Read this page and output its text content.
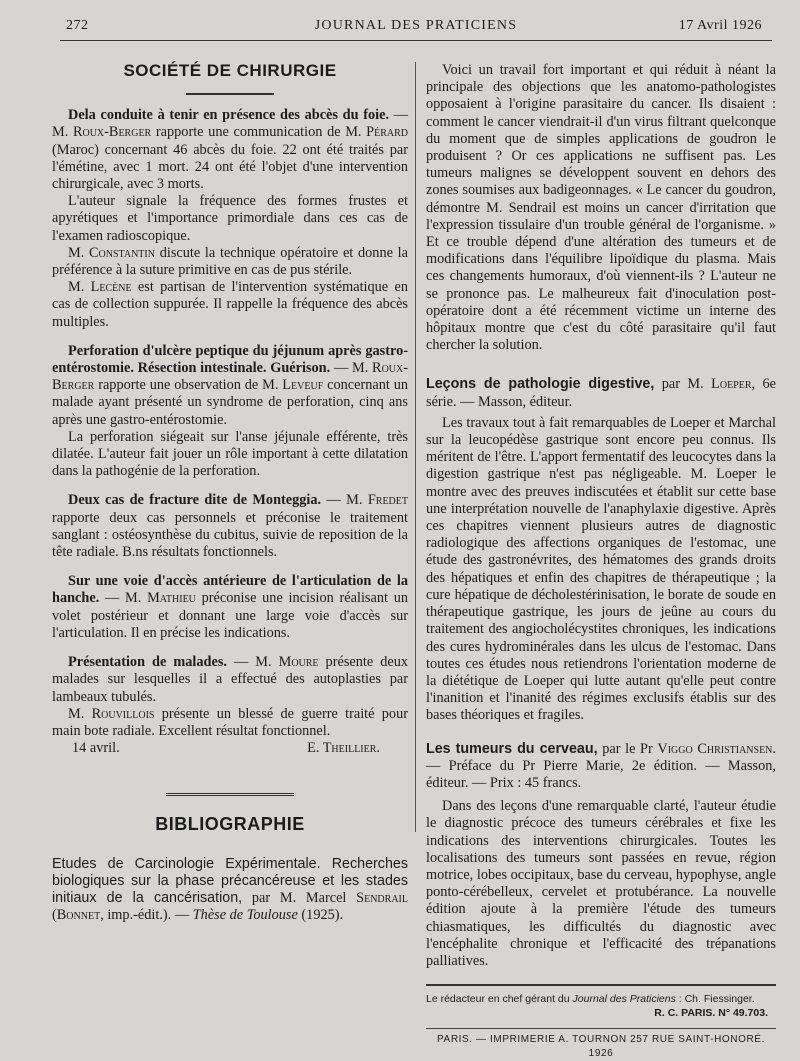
272	JOURNAL DES PRATICIENS	17 Avril 1926
SOCIÉTÉ DE CHIRURGIE

Dela conduite à tenir en présence des abcès du foie. — M. Roux-Berger rapporte une communication de M. Pérard (Maroc) concernant 46 abcès du foie. 22 ont été traités par l'émétine, avec 1 mort. 24 ont été l'objet d'une intervention chirurgicale, avec 3 morts.

L'auteur signale la fréquence des formes frustes et apyrétiques et l'importance primordiale dans ces cas de l'examen radioscopique.

M. Constantin discute la technique opératoire et donne la préférence à la suture primitive en cas de pus stérile.

M. Lecène est partisan de l'intervention systématique en cas de collection suppurée. Il rappelle la fréquence des abcès multiples.

Perforation d'ulcère peptique du jéjunum après gastro-entérostomie. Résection intestinale. Guérison. — M. Roux-Berger rapporte une observation de M. Leveuf concernant un malade ayant présenté un syndrome de perforation, cinq ans après une gastro-entérostomie.

La perforation siégeait sur l'anse jéjunale efférente, très dilatée. L'auteur fait jouer un rôle important à cette dilatation dans la pathogénie de la perforation.

Deux cas de fracture dite de Monteggia. — M. Fredet rapporte deux cas personnels et préconise le traitement sanglant : ostéosynthèse du cubitus, suivie de reposition de la tête radiale. B.ns résultats fonctionnels.

Sur une voie d'accès antérieure de l'articulation de la hanche. — M. Mathieu préconise une incision réalisant un volet postérieur et donnant une large voie d'accès sur l'articulation. Il en précise les indications.

Présentation de malades. — M. Moure présente deux malades sur lesquelles il a effectué des autoplasties par lambeaux tubulés.

M. Rouvillois présente un blessé de guerre traité pour main bote radiale. Excellent résultat fonctionnel.

14 avril.	E. Theillier.
BIBLIOGRAPHIE

Etudes de Carcinologie Expérimentale. Recherches biologiques sur la phase précancéreuse et les stades initiaux de la cancérisation, par M. Marcel Sendrail (Bonnet, imp.-édit.). — Thèse de Toulouse (1925).

Voici un travail fort important et qui réduit à néant la principale des objections que les anatomo-pathologistes opposaient à l'origine parasitaire du cancer. Ils disaient : comment le cancer viendrait-il d'un virus filtrant quelconque du moment que de simples applications de goudron le produisent ? Or ces applications ne suffisent pas. Les tumeurs malignes se développent souvent en dehors des zones soumises aux badigeonnages. « Le cancer du goudron, démontre M. Sendrail est moins un cancer d'irritation que l'expression tissulaire d'un trouble général de l'organisme. » Et ce trouble dépend d'une altération des tumeurs et de modifications dans l'équilibre lipoïdique du plasma. Mais ces changements humoraux, d'où viennent-ils ? L'auteur ne se prononce pas. Le malheureux fait d'inoculation post-opératoire dont a été récemment victime un interne des hôpitaux montre que c'est du côté parasitaire qu'il faut chercher la solution.

Leçons de pathologie digestive, par M. Loeper, 6e série. — Masson, éditeur.

Les travaux tout à fait remarquables de Loeper et Marchal sur la leucopédèse gastrique sont encore peu connus. Ils méritent de l'être. L'apport fermentatif des leucocytes dans la digestion gastrique n'est pas négligeable. M. Loeper le montre avec des preuves indiscutées et établit sur cette base une interprétation nouvelle de l'anaphylaxie digestive. Après ces chapitres viennent plusieurs autres de diagnostic radiologique des affections organiques de l'estomac, une étude des gastronévrites, des hématomes des grands droits des hépatiques et enfin des chapitres de thérapeutique ; la cure hépatique de décholestérinisation, le borate de soude en thérapeutique gastrique, les jours de jeûne au cours du traitement des angiocholécystites chroniques, les indications des cures hydrominérales dans les ulcus de l'estomac. Dans toutes ces études nous retiendrons l'orientation moderne de la diététique de Loeper qui lutte autant qu'elle peut contre l'inanition et l'inanité des régimes exclusifs établis sur des bases théoriques et fragiles.

Les tumeurs du cerveau, par le Pr Viggo Christiansen. — Préface du Pr Pierre Marie, 2e édition. — Masson, éditeur. — Prix : 45 francs.

Dans des leçons d'une remarquable clarté, l'auteur étudie le diagnostic précoce des tumeurs cérébrales et fixe les indications des interventions chirurgicales. Toutes les localisations des tumeurs sont passées en revue, région motrice, lobes occipitaux, base du cerveau, hypophyse, angle ponto-cérébelleux, cervelet et protubérance. La nouvelle édition ajoute à la première l'étude des tumeurs chiasmatiques, les difficultés du diagnostic avec l'encéphalite chronique et l'efficacité des trépanations palliatives.

Le rédacteur en chef gérant du Journal des Praticiens : Ch. Fiessinger.
R. C. PARIS. N° 49.703.
PARIS. — IMPRIMERIE A. TOURNON 257 RUE SAINT-HONORÉ. 1926
